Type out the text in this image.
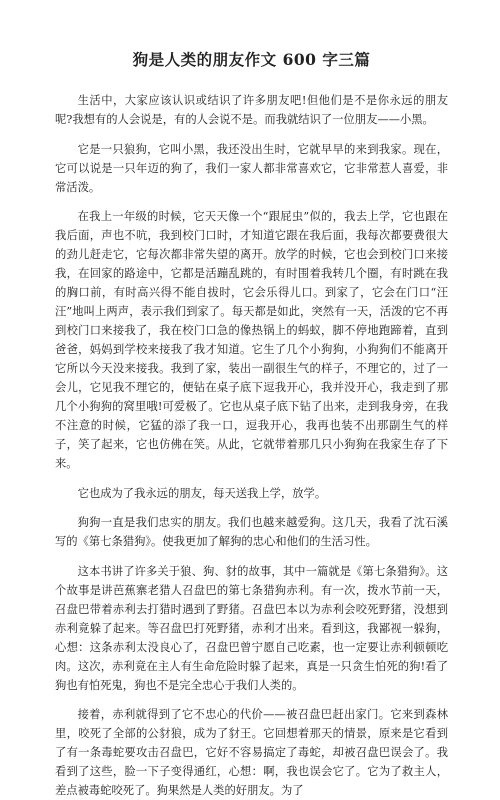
狗是人类的朋友作文 600 字三篇

生活中，大家应该认识或结识了许多朋友吧!但他们是不是你永远的朋友呢?我想有的人会说是，有的人会说不是。而我就结识了一位朋友——小黑。

它是一只狼狗，它叫小黑，我还没出生时，它就早早的来到我家。现在，它可以说是一只年迈的狗了，我们一家人都非常喜欢它，它非常惹人喜爱，非常活泼。

在我上一年级的时候，它天天像一个“跟屁虫”似的，我去上学，它也跟在我后面，声也不吭，我到校门口时，才知道它跟在我后面，我每次都要费很大的劲儿赶走它，它每次都非常失望的离开。放学的时候，它也会到校门口来接我，在回家的路途中，它都是活蹦乱跳的，有时围着我转几个圈，有时跳在我的胸口前，有时高兴得不能自拔时，它会乐得儿口。到家了，它会在门口“汪汪”地叫上两声，表示我们到家了。每天都是如此，突然有一天，活泼的它不再到校门口来接我了，我在校门口急的像热锅上的蚂蚁，脚不停地跑蹄着，直到爸爸，妈妈到学校来接我了我才知道。它生了几个小狗狗，小狗狗们不能离开它所以今天没来接我。我到了家，装出一副很生气的样子，不理它的，过了一会儿，它见我不理它的，便钻在桌子底下逗我开心，我并没开心，我走到了那几个小狗狗的窝里哦!可爱极了。它也从桌子底下钻了出来，走到我身旁，在我不注意的时候，它猛的添了我一口，逗我开心，我再也装不出那副生气的样子，笑了起来，它也仿佛在笑。从此，它就带着那几只小狗狗在我家生存了下来。

它也成为了我永远的朋友，每天送我上学，放学。

狗狗一直是我们忠实的朋友。我们也越来越爱狗。这几天，我看了沈石溪写的《第七条猎狗》。使我更加了解狗的忠心和他们的生活习性。

这本书讲了许多关于狼、狗、豺的故事，其中一篇就是《第七条猎狗》。这个故事是讲芭蕉寨老猎人召盘巴的第七条猎狗赤利。有一次，拨水节前一天，召盘巴带着赤利去打猎时遇到了野猪。召盘巴本以为赤利会咬死野猪，没想到赤利竟躲了起来。等召盘巴打死野猪，赤利才出来。看到这，我鄙视一躲狗，心想：这条赤利太没良心了，召盘巴曾宁愿自己吃素，也一定要让赤利顿顿吃肉。这次，赤利竟在主人有生命危险时躲了起来，真是一只贪生怕死的狗!看了狗也有怕死鬼，狗也不是完全忠心于我们人类的。

接着，赤利就得到了它不忠心的代价——被召盘巴赶出家门。它来到森林里，咬死了全部的公豺狼，成为了豺王。它回想着那天的情景，原来是它看到了有一条毒蛇要攻击召盘巴，它好不容易搞定了毒蛇，却被召盘巴误会了。我看到了这些，脸一下子变得通红，心想：啊，我也误会它了。它为了救主人，差点被毒蛇咬死了。狗果然是人类的好朋友。为了
